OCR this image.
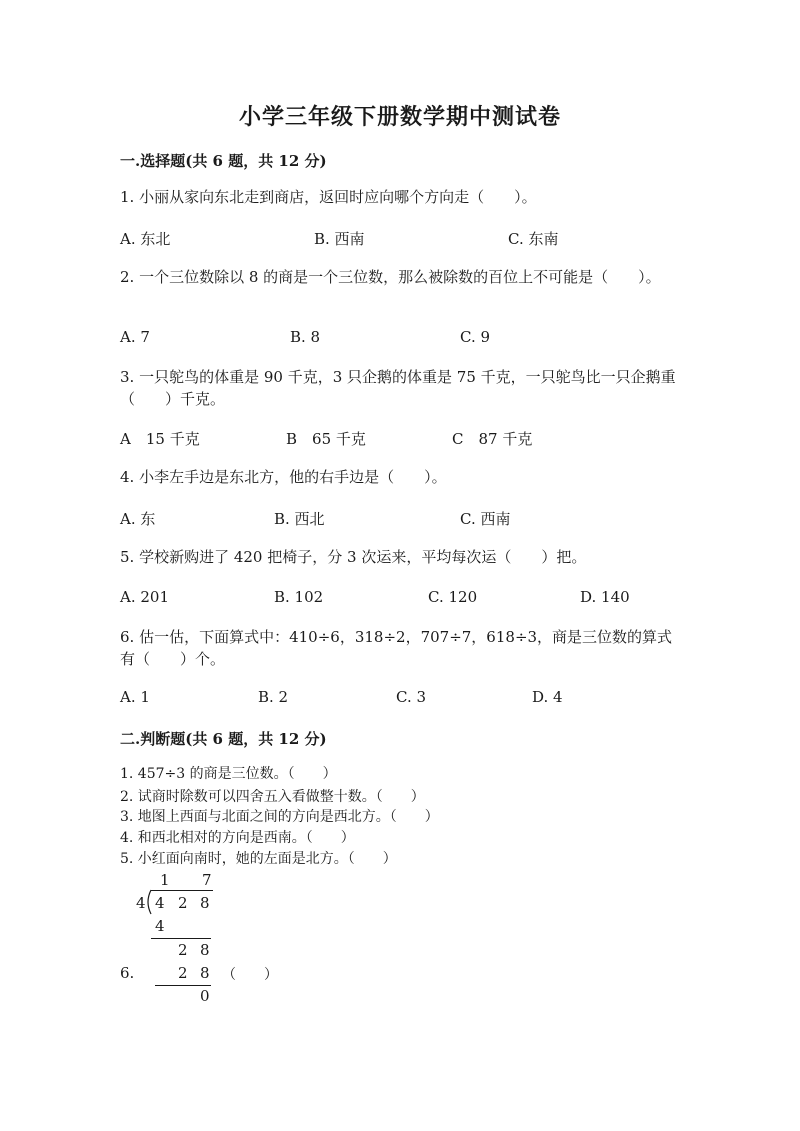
小学三年级下册数学期中测试卷
一.选择题(共 6 题，共 12 分)
1. 小丽从家向东北走到商店，返回时应向哪个方向走（　　）。
A. 东北	B. 西南	C. 东南
2. 一个三位数除以 8 的商是一个三位数，那么被除数的百位上不可能是（　　）。
A. 7	B. 8	C. 9
3. 一只鸵鸟的体重是 90 千克，3 只企鹅的体重是 75 千克，一只鸵鸟比一只企鹅重（　　）千克。
A　15 千克	B　65 千克	C　87 千克
4. 小李左手边是东北方，他的右手边是（　　）。
A. 东	B. 西北	C. 西南
5. 学校新购进了 420 把椅子，分 3 次运来，平均每次运（　　）把。
A. 201	B. 102	C. 120	D. 140
6. 估一估，下面算式中：410÷6，318÷2，707÷7，618÷3，商是三位数的算式有（　　）个。
A. 1	B. 2	C. 3	D. 4
二.判断题(共 6 题，共 12 分)
1. 457÷3 的商是三位数。（　　）
2. 试商时除数可以四舍五入看做整十数。（　　）
3. 地图上西面与北面之间的方向是西北方。（　　）
4. 和西北相对的方向是西南。（　　）
5. 小红面向南时，她的左面是北方。（　　）
1 7
4 4 2 8
4
2 8
6.	2 8 （　　）
0
